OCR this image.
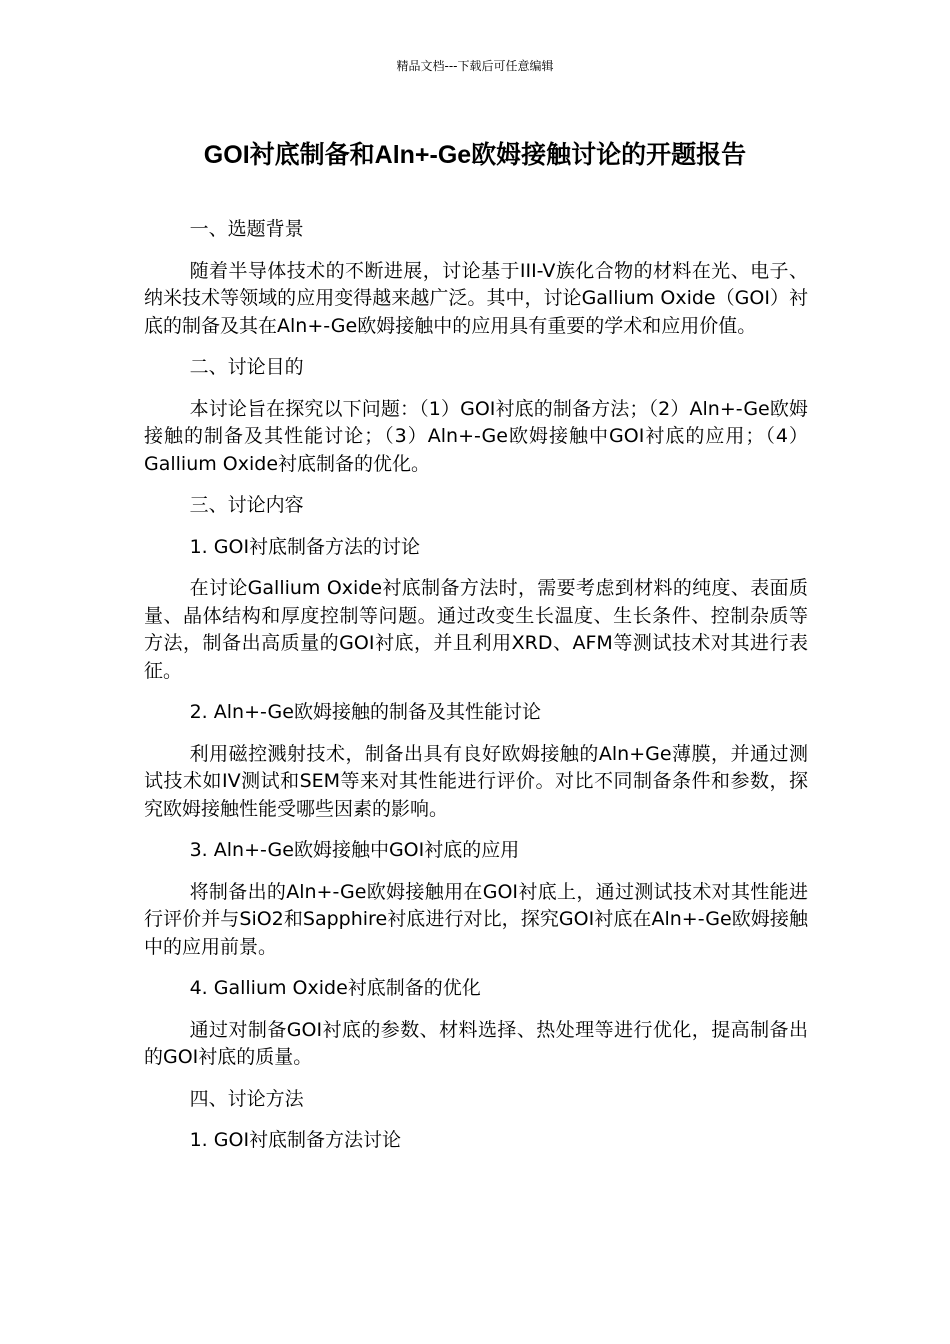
精品文档---下载后可任意编辑
GOI衬底制备和Aln+-Ge欧姆接触讨论的开题报告

一、选题背景

随着半导体技术的不断进展，讨论基于III-V族化合物的材料在光、电子、纳米技术等领域的应用变得越来越广泛。其中，讨论Gallium Oxide（GOI）衬底的制备及其在Aln+-Ge欧姆接触中的应用具有重要的学术和应用价值。

二、讨论目的

本讨论旨在探究以下问题：（1）GOI衬底的制备方法；（2）Aln+-Ge欧姆接触的制备及其性能讨论；（3）Aln+-Ge欧姆接触中GOI衬底的应用；（4）Gallium Oxide衬底制备的优化。

三、讨论内容

1. GOI衬底制备方法的讨论

在讨论Gallium Oxide衬底制备方法时，需要考虑到材料的纯度、表面质量、晶体结构和厚度控制等问题。通过改变生长温度、生长条件、控制杂质等方法，制备出高质量的GOI衬底，并且利用XRD、AFM等测试技术对其进行表征。

2. Aln+-Ge欧姆接触的制备及其性能讨论

利用磁控溅射技术，制备出具有良好欧姆接触的Aln+Ge薄膜，并通过测试技术如IV测试和SEM等来对其性能进行评价。对比不同制备条件和参数，探究欧姆接触性能受哪些因素的影响。

3. Aln+-Ge欧姆接触中GOI衬底的应用

将制备出的Aln+-Ge欧姆接触用在GOI衬底上，通过测试技术对其性能进行评价并与SiO2和Sapphire衬底进行对比，探究GOI衬底在Aln+-Ge欧姆接触中的应用前景。

4. Gallium Oxide衬底制备的优化

通过对制备GOI衬底的参数、材料选择、热处理等进行优化，提高制备出的GOI衬底的质量。

四、讨论方法

1. GOI衬底制备方法讨论
